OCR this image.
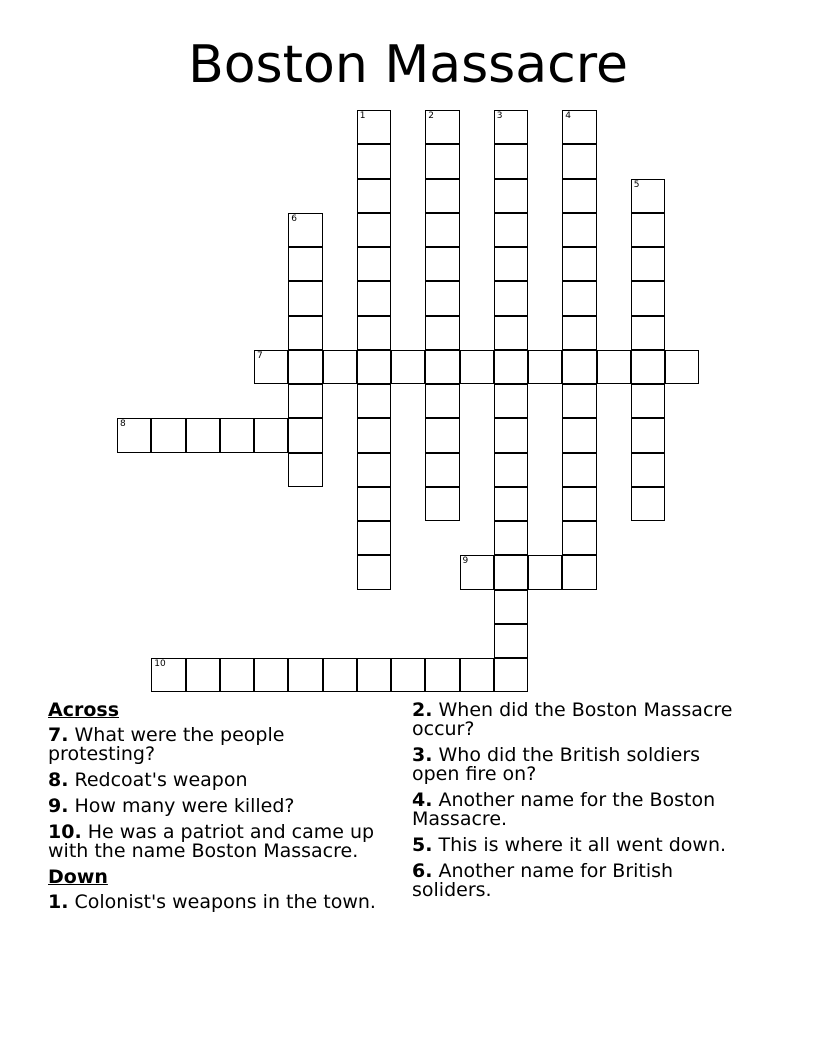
Boston Massacre
1	2	3	4
5
6
7
8
9
10
Across
7. What were the people protesting?
8. Redcoat's weapon
9. How many were killed?
10. He was a patriot and came up with the name Boston Massacre.
Down
1. Colonist's weapons in the town.
2. When did the Boston Massacre occur?
3. Who did the British soldiers open fire on?
4. Another name for the Boston Massacre.
5. This is where it all went down.
6. Another name for British soliders.
